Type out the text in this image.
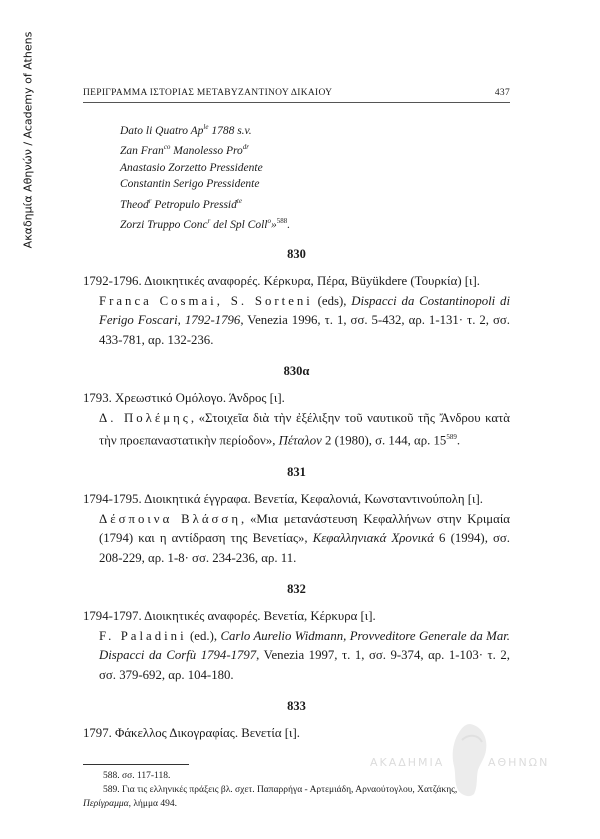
Ακαδημία Αθηνών / Academy of Athens	ΠΕΡΙΓΡΑΜΜΑ ΙΣΤΟΡΙΑΣ ΜΕΤΑΒΥΖΑΝΤΙΝΟΥ ΔΙΚΑΙΟΥ	437
Dato li Quatro $Ap^{le}$ 1788 s.v.
Zan Fran$^{co}$ Manolesso Pro$^{dr}$
Anastasio Zorzetto Pressidente
Constantin Serigo Pressidente
Theod$^r$ Petropulo Pressid$^{te}$
Zorzi Truppo Conc$^r$ del Spl Coll$^o$»$^{588}$.
830
1792-1796. Διοικητικές αναφορές. Κέρκυρα, Πέρα, Büyükdere (Τουρκία) [ι].
Franca Cosmai, S. Sorteni (eds), Dispacci da Costantinopoli di Ferigo Foscari, 1792-1796, Venezia 1996, τ. 1, σσ. 5-432, αρ. 1-131· τ. 2, σσ. 433-781, αρ. 132-236.
830α
1793. Χρεωστικό Ομόλογο. Άνδρος [ι].
Δ. Πολέμης, «Στοιχεῖα διὰ τὴν ἐξέλιξην τοῦ ναυτικοῦ τῆς Ἄνδρου κατὰ τὴν προεπαναστατικὴν περίοδον», Πέταλον 2 (1980), σ. 144, αρ. $15^{589}$.
831
1794-1795. Διοικητικά έγγραφα. Βενετία, Κεφαλονιά, Κωνσταντινούπολη [ι].
Δέσποινα Βλάσση, «Μια μετανάστευση Κεφαλλήνων στην Κριμαία (1794) και η αντίδραση της Βενετίας», Κεφαλληνιακά Χρονικά 6 (1994), σσ. 208-229, αρ. 1-8· σσ. 234-236, αρ. 11.
832
1794-1797. Διοικητικές αναφορές. Βενετία, Κέρκυρα [ι].
F. Paladini (ed.), Carlo Aurelio Widmann, Provveditore Generale da Mar. Dispacci da Corfù 1794-1797, Venezia 1997, τ. 1, σσ. 9-374, αρ. 1-103· τ. 2, σσ. 379-692, αρ. 104-180.
833
1797. Φάκελλος Δικογραφίας. Βενετία [ι].

588. σσ. 117-118.

589. Για τις ελληνικές πράξεις βλ. σχετ. Παπαρρήγα - Αρτεμιάδη, Αρναούτογλου, Χατζάκης,

Περίγραμμα, λήμμα 494.

ΑΚΑΔΗΜΙΑ	ΑΘΗΝΩΝ
